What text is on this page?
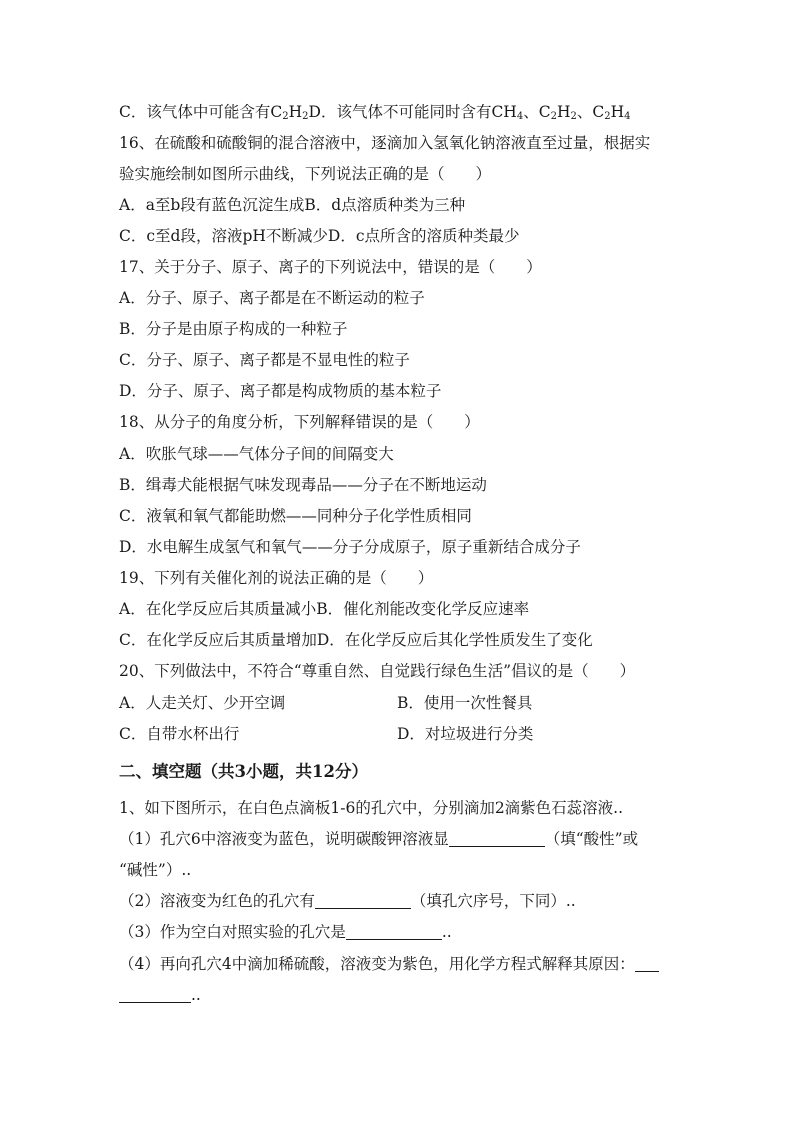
C．该气体中可能含有$C_2H_2D$．该气体不可能同时含有$CH_4$、$C_2H_2$、$C_2H_4$
16、在硫酸和硫酸铜的混合溶液中，逐滴加入氢氧化钠溶液直至过量，根据实
验实施绘制如图所示曲线，下列说法正确的是（　　）
A．a至b段有蓝色沉淀生成B．d点溶质种类为三种
C．c至d段，溶液pH不断减少D．c点所含的溶质种类最少
17、关于分子、原子、离子的下列说法中，错误的是（　　）
A．分子、原子、离子都是在不断运动的粒子
B．分子是由原子构成的一种粒子
C．分子、原子、离子都是不显电性的粒子
D．分子、原子、离子都是构成物质的基本粒子
18、从分子的角度分析，下列解释错误的是（　　）
A．吹胀气球——气体分子间的间隔变大
B．缉毒犬能根据气味发现毒品——分子在不断地运动
C．液氧和氧气都能助燃——同种分子化学性质相同
D．水电解生成氢气和氧气——分子分成原子，原子重新结合成分子
19、下列有关催化剂的说法正确的是（　　）
A．在化学反应后其质量减小B．催化剂能改变化学反应速率
C．在化学反应后其质量增加D．在化学反应后其化学性质发生了变化
20、下列做法中，不符合“尊重自然、自觉践行绿色生活”倡议的是（　　）
A．人走关灯、少开空调	B．使用一次性餐具
C．自带水杯出行	D．对垃圾进行分类
二、填空题（共3小题，共12分）
1、如下图所示，在白色点滴板1-6的孔穴中，分别滴加2滴紫色石蕊溶液..
（1）孔穴6中溶液变为蓝色，说明碳酸钾溶液显	（填“酸性”或
“碱性”）..
（2）溶液变为红色的孔穴有	（填孔穴序号，下同）..
（3）作为空白对照实验的孔穴是	..
（4）再向孔穴4中滴加稀硫酸，溶液变为紫色，用化学方程式解释其原因：
..
